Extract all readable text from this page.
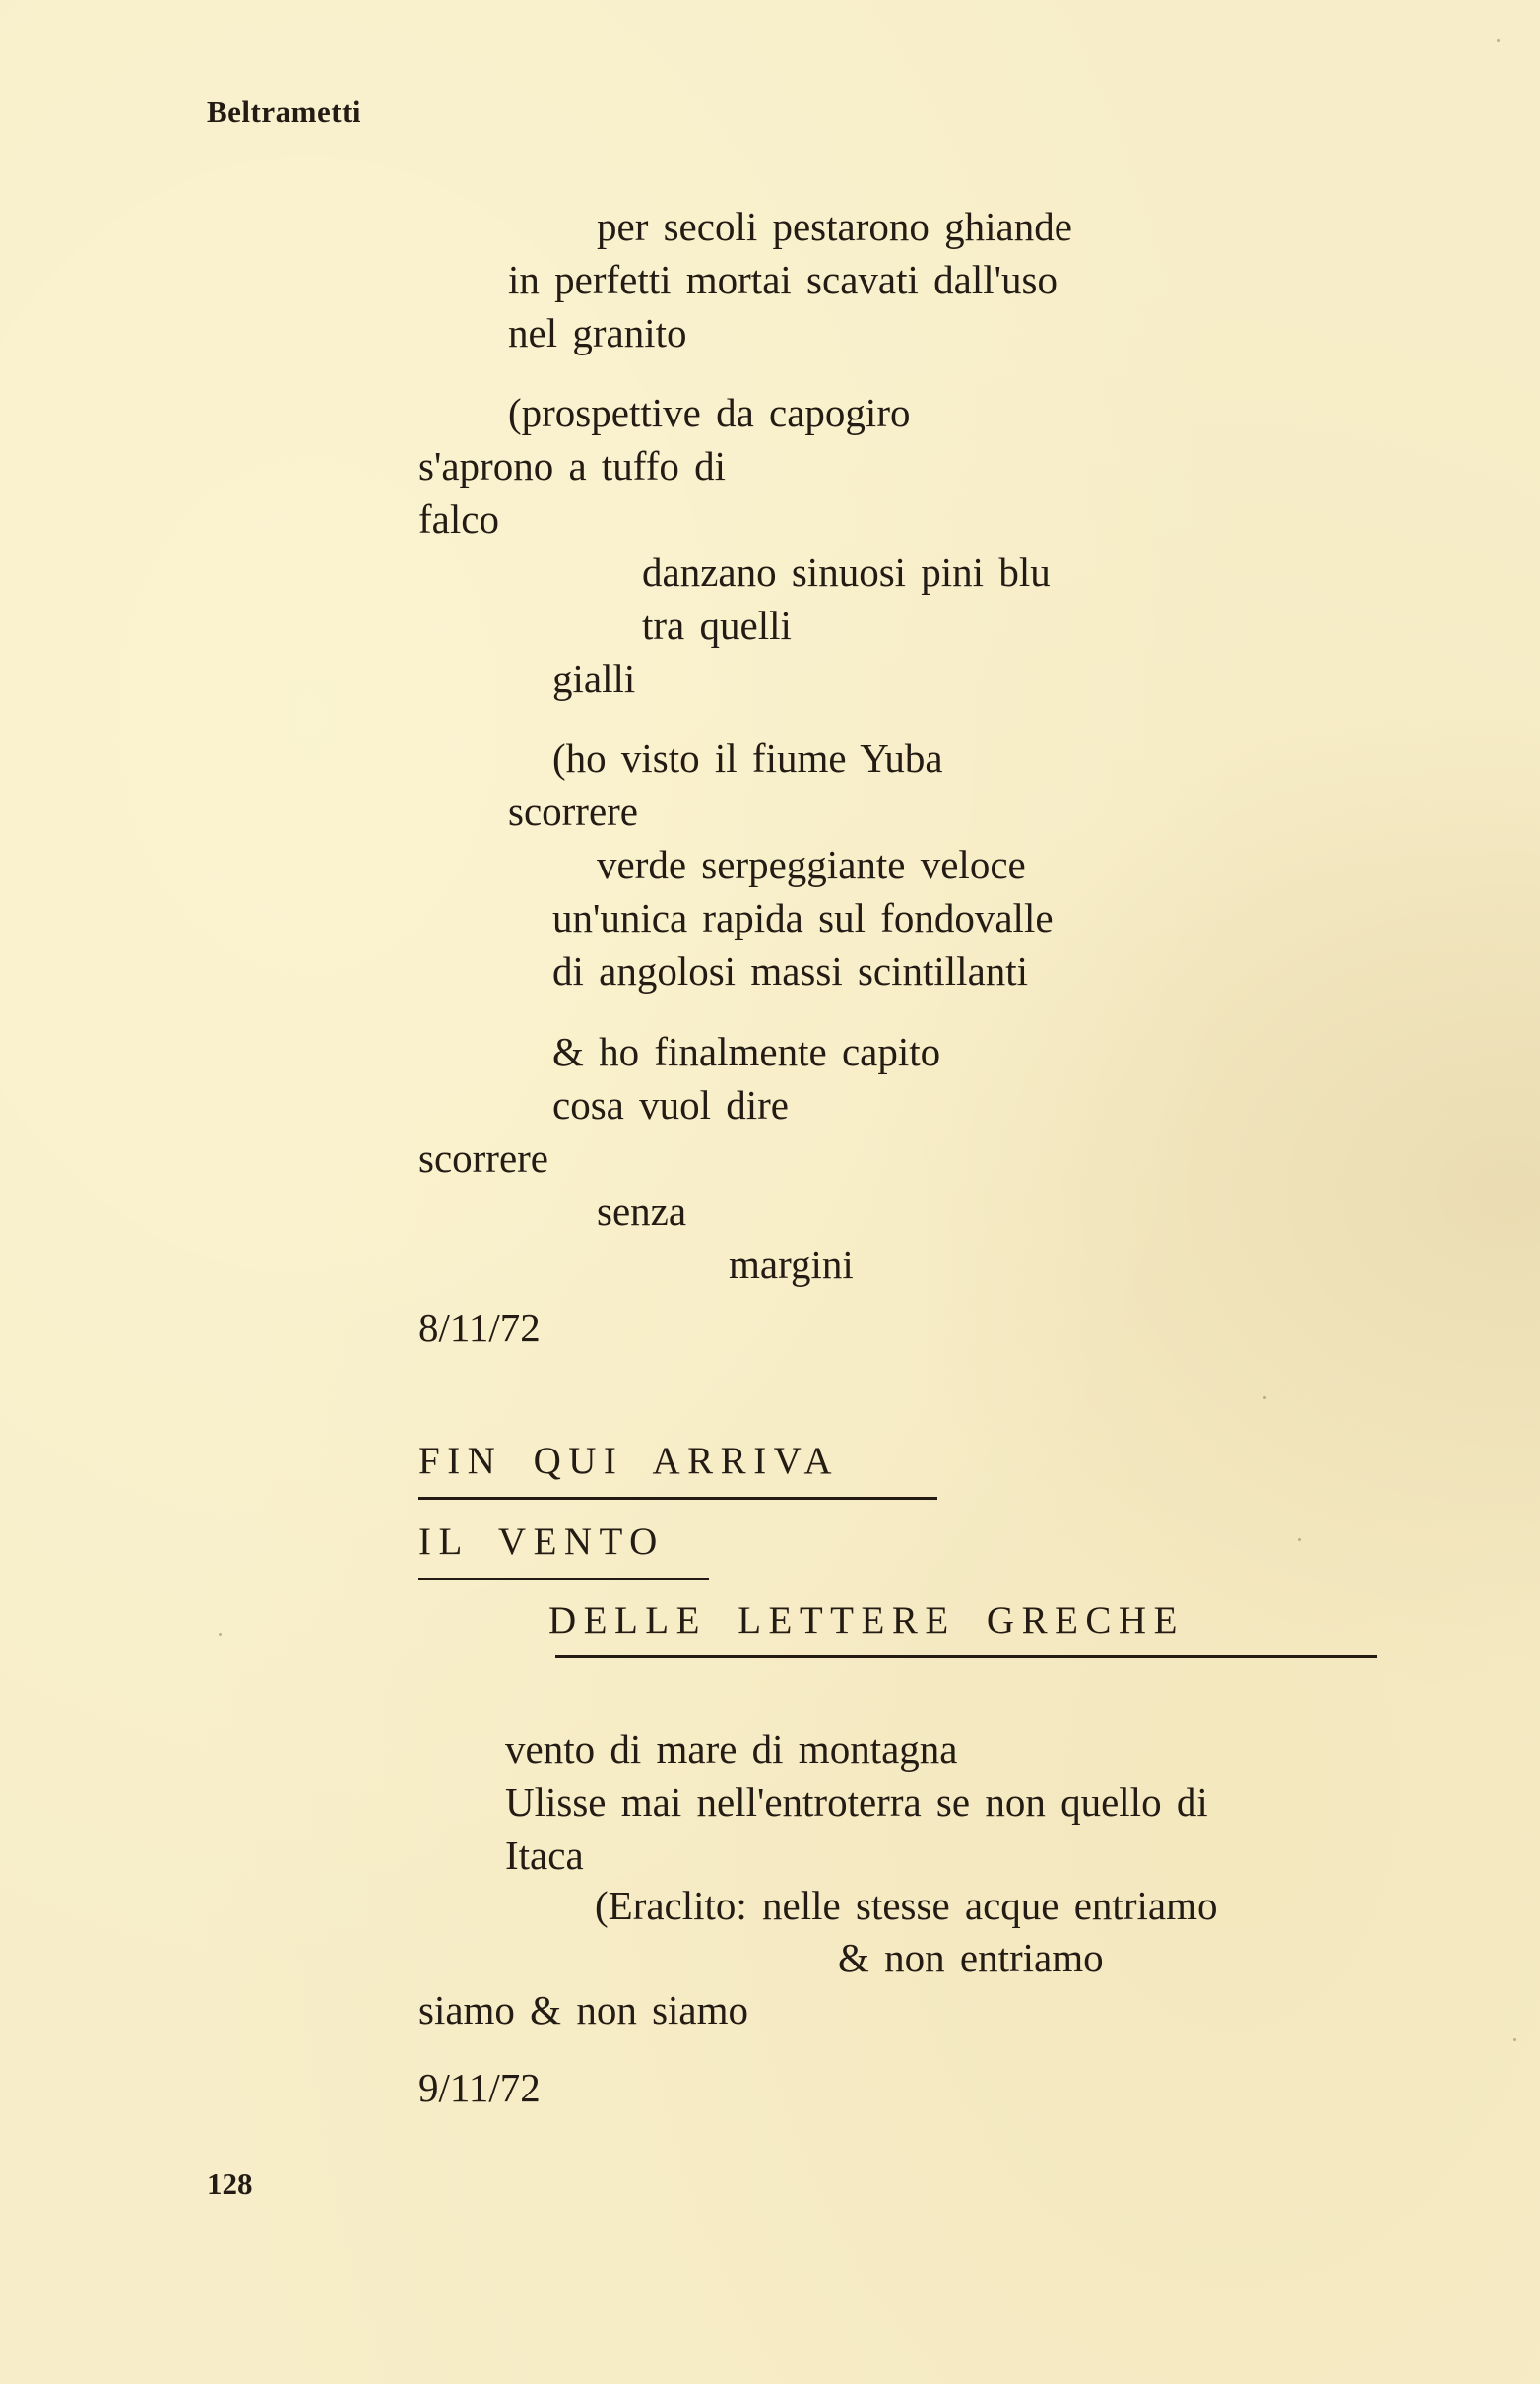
Beltrametti
per secoli pestarono ghiande
in perfetti mortai scavati dall'uso
nel granito
(prospettive da capogiro
s'aprono a tuffo di
falco
danzano sinuosi pini blu
tra quelli
gialli
(ho visto il fiume Yuba
scorrere
verde serpeggiante veloce
un'unica rapida sul fondovalle
di angolosi massi scintillanti
& ho finalmente capito
cosa vuol dire
scorrere
senza
margini
8/11/72
FIN QUI ARRIVA
IL VENTO
DELLE LETTERE GRECHE
vento di mare di montagna
Ulisse mai nell'entroterra se non quello di
Itaca
(Eraclito: nelle stesse acque entriamo
& non entriamo
siamo & non siamo
9/11/72
128
